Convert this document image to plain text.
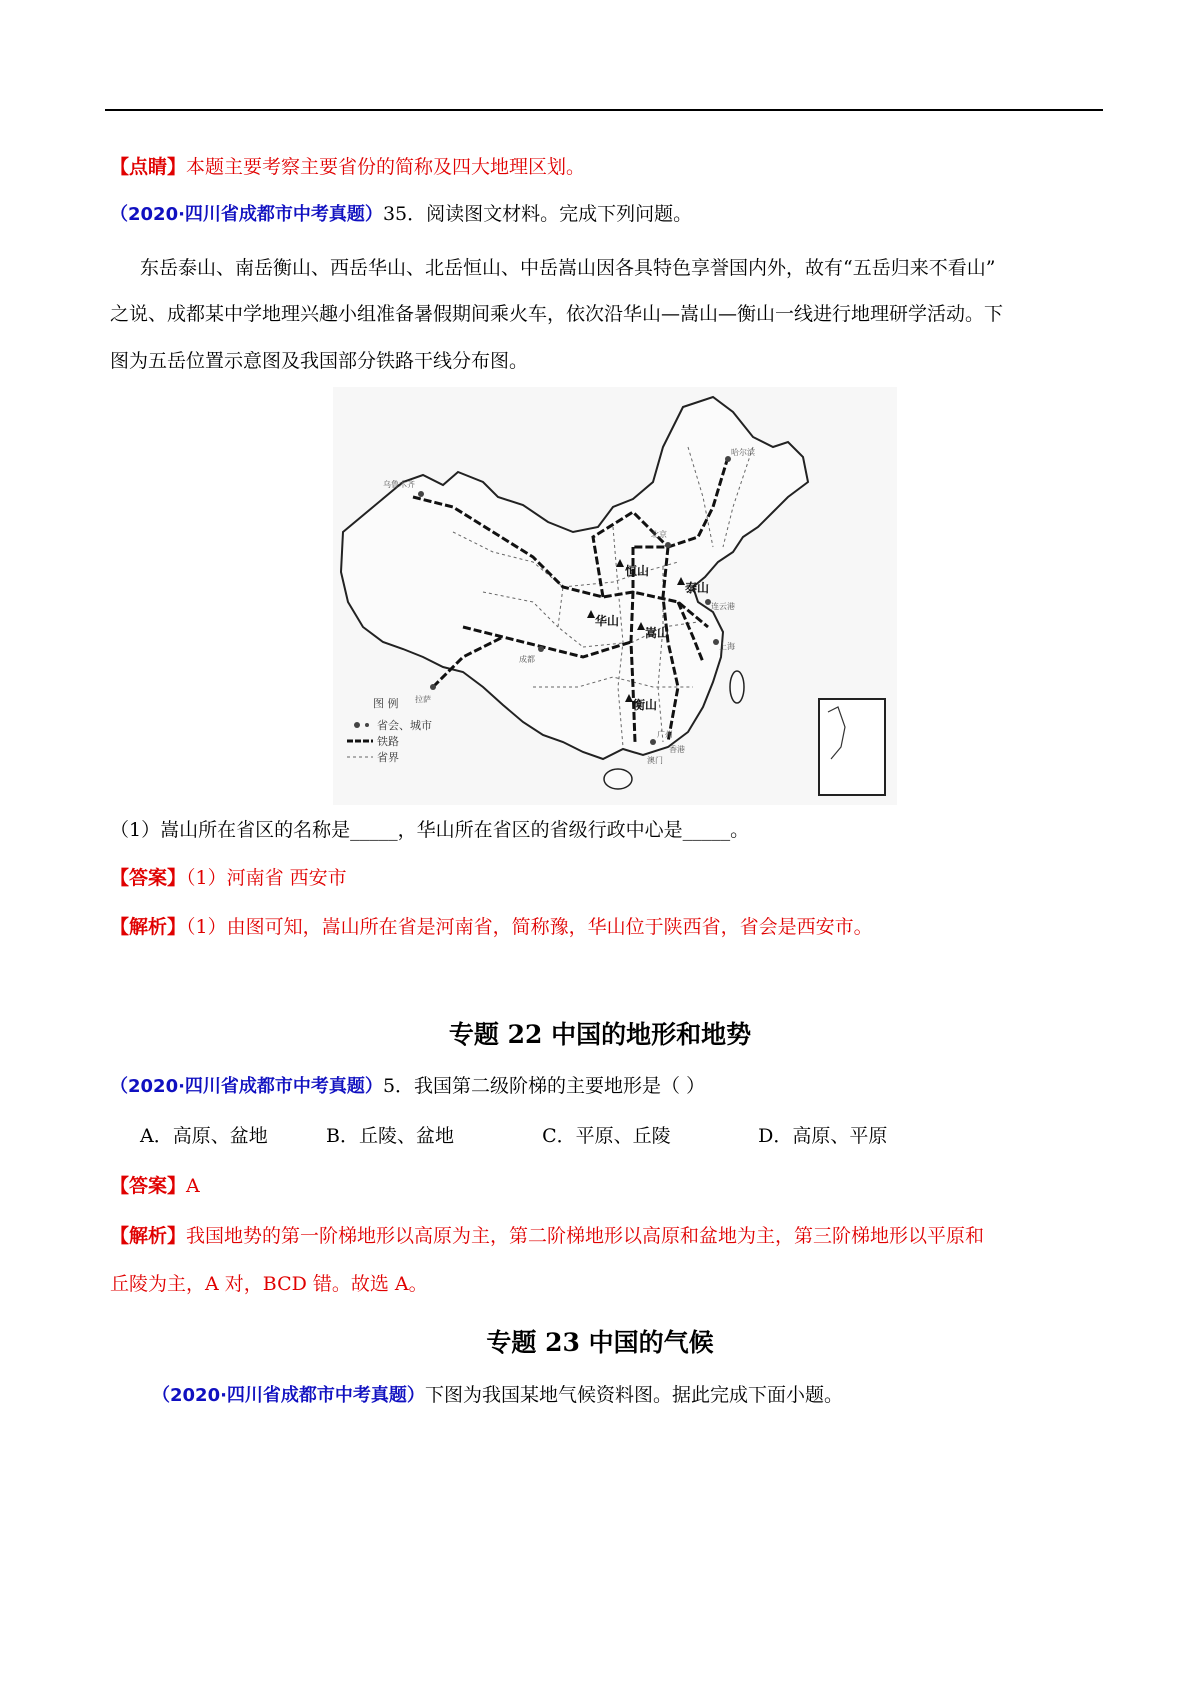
【点睛】本题主要考察主要省份的简称及四大地理区划。
（2020·四川省成都市中考真题）35．阅读图文材料。完成下列问题。
东岳泰山、南岳衡山、西岳华山、北岳恒山、中岳嵩山因各具特色享誉国内外，故有“五岳归来不看山”
之说、成都某中学地理兴趣小组准备暑假期间乘火车，依次沿华山—嵩山—衡山一线进行地理研学活动。下
图为五岳位置示意图及我国部分铁路干线分布图。
图 例
省会、城市
铁路
省界
恒山
泰山
华山
嵩山
衡山
乌鲁木齐
拉萨
成都
哈尔滨
北京
连云港
上海
广州
香港
澳门
（1）嵩山所在省区的名称是_____，华山所在省区的省级行政中心是_____。
【答案】（1）河南省 西安市
【解析】（1）由图可知，嵩山所在省是河南省，简称豫，华山位于陕西省，省会是西安市。
专题 22 中国的地形和地势
（2020·四川省成都市中考真题）5．我国第二级阶梯的主要地形是（ ）
A．高原、盆地	B．丘陵、盆地	C．平原、丘陵	D．高原、平原
【答案】A
【解析】我国地势的第一阶梯地形以高原为主，第二阶梯地形以高原和盆地为主，第三阶梯地形以平原和
丘陵为主，A 对，BCD 错。故选 A。
专题 23 中国的气候
（2020·四川省成都市中考真题）下图为我国某地气候资料图。据此完成下面小题。
